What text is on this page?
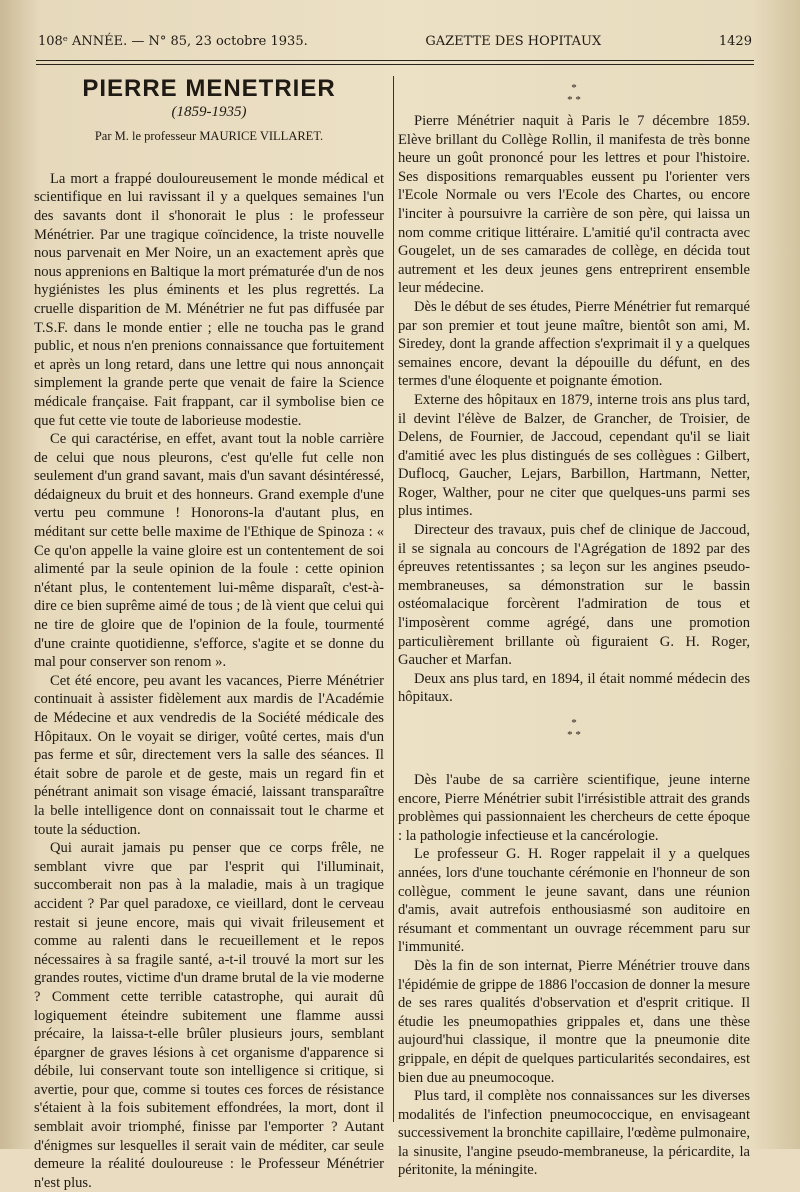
108ᵉ ANNÉE. — N° 85, 23 octobre 1935.	GAZETTE DES HOPITAUX	1429
PIERRE MENETRIER
(1859-1935)
Par M. le professeur MAURICE VILLARET.

La mort a frappé douloureusement le monde médical et scientifique en lui ravissant il y a quelques semaines l'un des savants dont il s'honorait le plus : le professeur Ménétrier. Par une tragique coïncidence, la triste nouvelle nous parvenait en Mer Noire, un an exactement après que nous apprenions en Baltique la mort prématurée d'un de nos hygiénistes les plus éminents et les plus regrettés. La cruelle disparition de M. Ménétrier ne fut pas diffusée par T.S.F. dans le monde entier ; elle ne toucha pas le grand public, et nous n'en prenions connaissance que fortuitement et après un long retard, dans une lettre qui nous annonçait simplement la grande perte que venait de faire la Science médicale française. Fait frappant, car il symbolise bien ce que fut cette vie toute de laborieuse modestie.

Ce qui caractérise, en effet, avant tout la noble carrière de celui que nous pleurons, c'est qu'elle fut celle non seulement d'un grand savant, mais d'un savant désintéressé, dédaigneux du bruit et des honneurs. Grand exemple d'une vertu peu commune ! Honorons-la d'autant plus, en méditant sur cette belle maxime de l'Ethique de Spinoza : « Ce qu'on appelle la vaine gloire est un contentement de soi alimenté par la seule opinion de la foule : cette opinion n'étant plus, le contentement lui-même disparaît, c'est-à-dire ce bien suprême aimé de tous ; de là vient que celui qui ne tire de gloire que de l'opinion de la foule, tourmenté d'une crainte quotidienne, s'efforce, s'agite et se donne du mal pour conserver son renom ».

Cet été encore, peu avant les vacances, Pierre Ménétrier continuait à assister fidèlement aux mardis de l'Académie de Médecine et aux vendredis de la Société médicale des Hôpitaux. On le voyait se diriger, voûté certes, mais d'un pas ferme et sûr, directement vers la salle des séances. Il était sobre de parole et de geste, mais un regard fin et pénétrant animait son visage émacié, laissant transparaître la belle intelligence dont on connaissait tout le charme et toute la séduction.

Qui aurait jamais pu penser que ce corps frêle, ne semblant vivre que par l'esprit qui l'illuminait, succomberait non pas à la maladie, mais à un tragique accident ? Par quel paradoxe, ce vieillard, dont le cerveau restait si jeune encore, mais qui vivait frileusement et comme au ralenti dans le recueillement et le repos nécessaires à sa fragile santé, a-t-il trouvé la mort sur les grandes routes, victime d'un drame brutal de la vie moderne ? Comment cette terrible catastrophe, qui aurait dû logiquement éteindre subitement une flamme aussi précaire, la laissa-t-elle brûler plusieurs jours, semblant épargner de graves lésions à cet organisme d'apparence si débile, lui conservant toute son intelligence si critique, si avertie, pour que, comme si toutes ces forces de résistance s'étaient à la fois subitement effondrées, la mort, dont il semblait avoir triomphé, finisse par l'emporter ? Autant d'énigmes sur lesquelles il serait vain de méditer, car seule demeure la réalité douloureuse : le Professeur Ménétrier n'est plus.

*
* *

Pierre Ménétrier naquit à Paris le 7 décembre 1859. Elève brillant du Collège Rollin, il manifesta de très bonne heure un goût prononcé pour les lettres et pour l'histoire. Ses dispositions remarquables eussent pu l'orienter vers l'Ecole Normale ou vers l'Ecole des Chartes, ou encore l'inciter à poursuivre la carrière de son père, qui laissa un nom comme critique littéraire. L'amitié qu'il contracta avec Gougelet, un de ses camarades de collège, en décida tout autrement et les deux jeunes gens entreprirent ensemble leur médecine.

Dès le début de ses études, Pierre Ménétrier fut remarqué par son premier et tout jeune maître, bientôt son ami, M. Siredey, dont la grande affection s'exprimait il y a quelques semaines encore, devant la dépouille du défunt, en des termes d'une éloquente et poignante émotion.

Externe des hôpitaux en 1879, interne trois ans plus tard, il devint l'élève de Balzer, de Grancher, de Troisier, de Delens, de Fournier, de Jaccoud, cependant qu'il se liait d'amitié avec les plus distingués de ses collègues : Gilbert, Duflocq, Gaucher, Lejars, Barbillon, Hartmann, Netter, Roger, Walther, pour ne citer que quelques-uns parmi ses plus intimes.

Directeur des travaux, puis chef de clinique de Jaccoud, il se signala au concours de l'Agrégation de 1892 par des épreuves retentissantes ; sa leçon sur les angines pseudo-membraneuses, sa démonstration sur le bassin ostéomalacique forcèrent l'admiration de tous et l'imposèrent comme agrégé, dans une promotion particulièrement brillante où figuraient G. H. Roger, Gaucher et Marfan.

Deux ans plus tard, en 1894, il était nommé médecin des hôpitaux.

*
* *

Dès l'aube de sa carrière scientifique, jeune interne encore, Pierre Ménétrier subit l'irrésistible attrait des grands problèmes qui passionnaient les chercheurs de cette époque : la pathologie infectieuse et la cancérologie.

Le professeur G. H. Roger rappelait il y a quelques années, lors d'une touchante cérémonie en l'honneur de son collègue, comment le jeune savant, dans une réunion d'amis, avait autrefois enthousiasmé son auditoire en résumant et commentant un ouvrage récemment paru sur l'immunité.

Dès la fin de son internat, Pierre Ménétrier trouve dans l'épidémie de grippe de 1886 l'occasion de donner la mesure de ses rares qualités d'observation et d'esprit critique. Il étudie les pneumopathies grippales et, dans une thèse aujourd'hui classique, il montre que la pneumonie dite grippale, en dépit de quelques particularités secondaires, est bien due au pneumocoque.

Plus tard, il complète nos connaissances sur les diverses modalités de l'infection pneumococcique, en envisageant successivement la bronchite capillaire, l'œdème pulmonaire, la sinusite, l'angine pseudo-membraneuse, la péricardite, la péritonite, la méningite.
